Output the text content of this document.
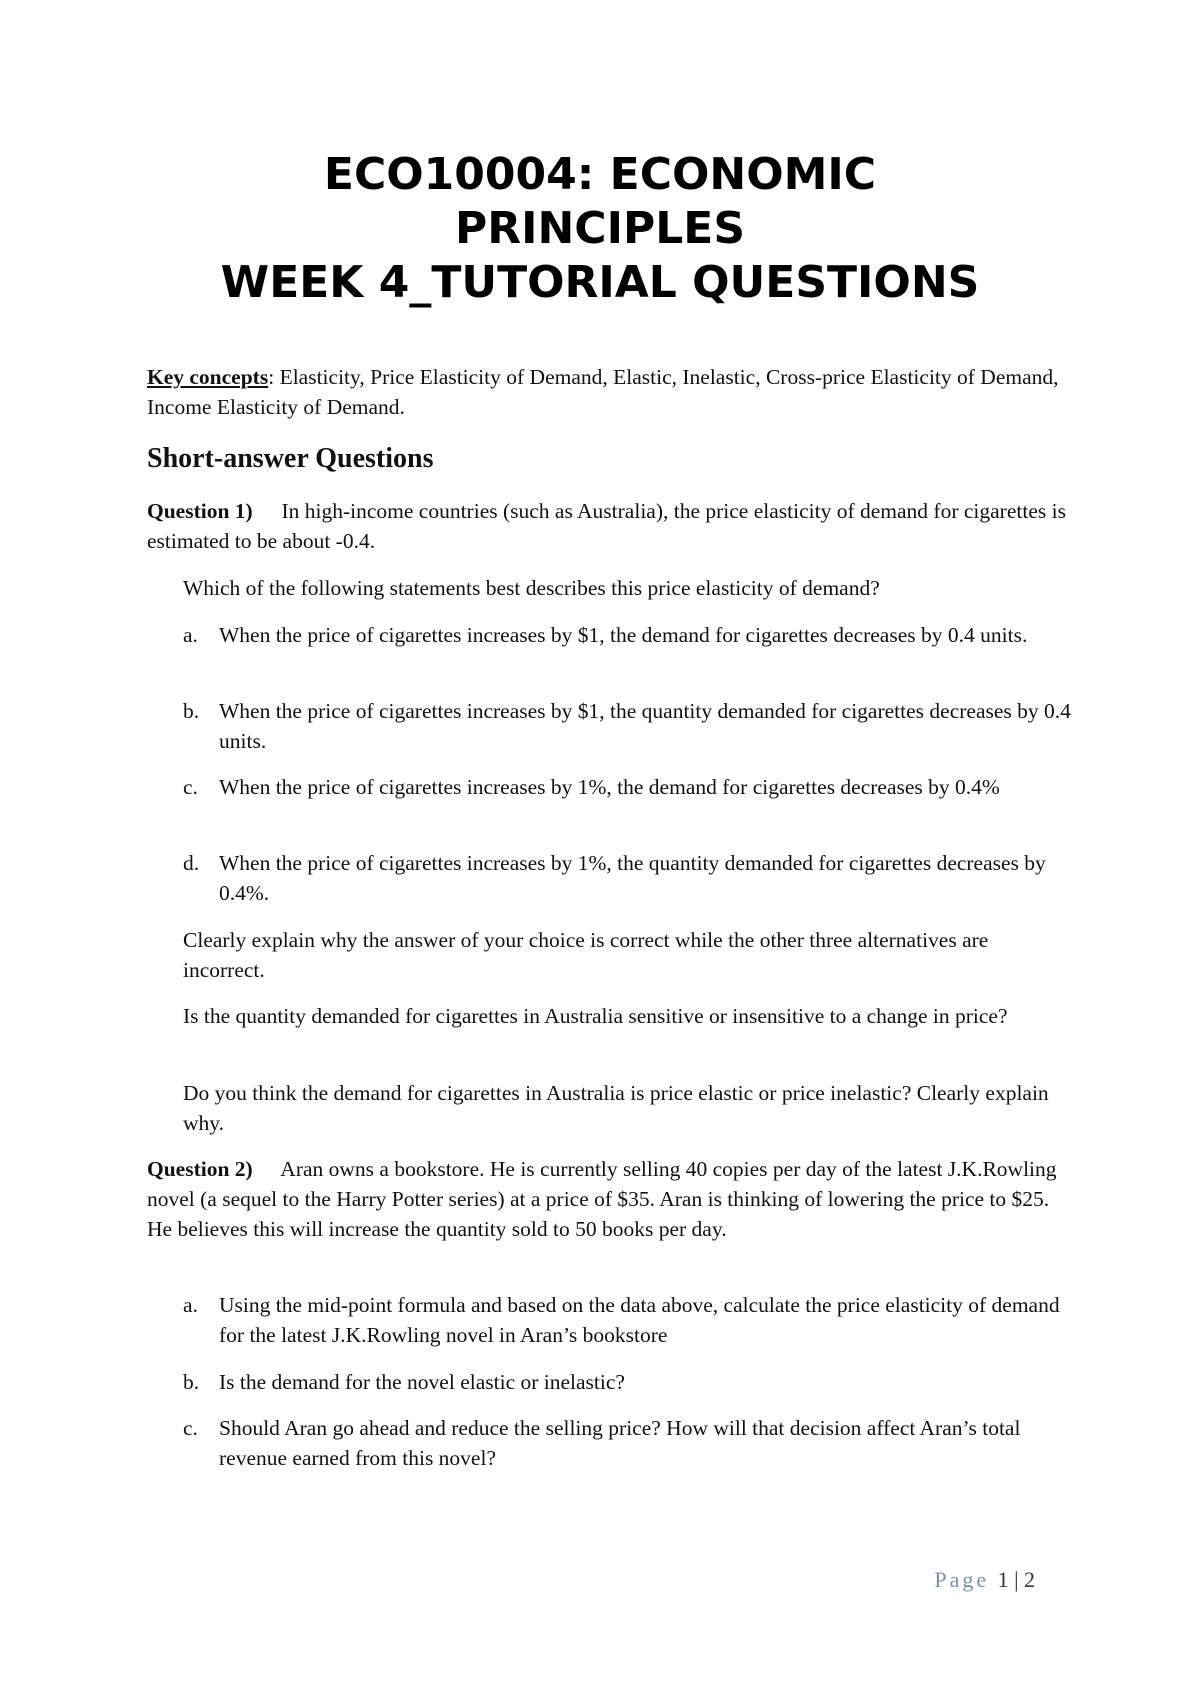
ECO10004: ECONOMIC
PRINCIPLES
WEEK 4_TUTORIAL QUESTIONS
Key concepts: Elasticity, Price Elasticity of Demand, Elastic, Inelastic, Cross-price Elasticity of Demand, Income Elasticity of Demand.
Short-answer Questions
Question 1) In high-income countries (such as Australia), the price elasticity of demand for cigarettes is estimated to be about -0.4.
Which of the following statements best describes this price elasticity of demand?
a. When the price of cigarettes increases by $1, the demand for cigarettes decreases by 0.4 units.
b. When the price of cigarettes increases by $1, the quantity demanded for cigarettes decreases by 0.4 units.
c. When the price of cigarettes increases by 1%, the demand for cigarettes decreases by 0.4%
d. When the price of cigarettes increases by 1%, the quantity demanded for cigarettes decreases by 0.4%.
Clearly explain why the answer of your choice is correct while the other three alternatives are incorrect.
Is the quantity demanded for cigarettes in Australia sensitive or insensitive to a change in price?
Do you think the demand for cigarettes in Australia is price elastic or price inelastic? Clearly explain why.
Question 2) Aran owns a bookstore. He is currently selling 40 copies per day of the latest J.K.Rowling novel (a sequel to the Harry Potter series) at a price of $35. Aran is thinking of lowering the price to $25. He believes this will increase the quantity sold to 50 books per day.
a. Using the mid-point formula and based on the data above, calculate the price elasticity of demand for the latest J.K.Rowling novel in Aran’s bookstore
b. Is the demand for the novel elastic or inelastic?
c. Should Aran go ahead and reduce the selling price? How will that decision affect Aran’s total revenue earned from this novel?
Page 1 | 2
